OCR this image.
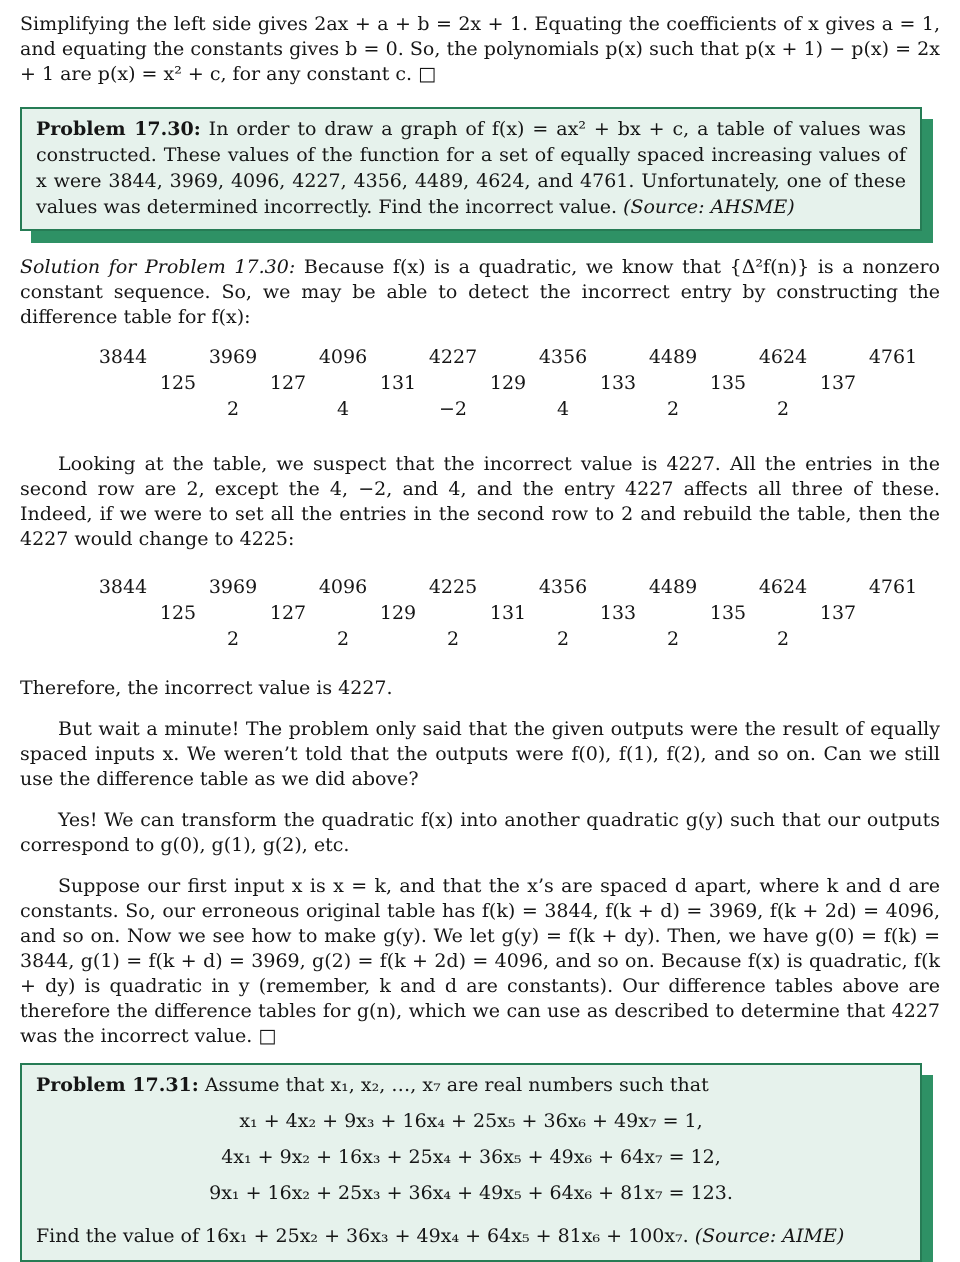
Simplifying the left side gives 2ax + a + b = 2x + 1. Equating the coefficients of x gives a = 1, and equating the constants gives b = 0. So, the polynomials p(x) such that p(x + 1) − p(x) = 2x + 1 are p(x) = x² + c, for any constant c. □

Problem 17.30: In order to draw a graph of f(x) = ax² + bx + c, a table of values was constructed. These values of the function for a set of equally spaced increasing values of x were 3844, 3969, 4096, 4227, 4356, 4489, 4624, and 4761. Unfortunately, one of these values was determined incorrectly. Find the incorrect value. (Source: AHSME)

Solution for Problem 17.30: Because f(x) is a quadratic, we know that {Δ²f(n)} is a nonzero constant sequence. So, we may be able to detect the incorrect entry by constructing the difference table for f(x):

3844	3969	4096	4227	4356	4489	4624	4761
125	127	131	129	133	135	137
2	4	−2	4	2	2

Looking at the table, we suspect that the incorrect value is 4227. All the entries in the second row are 2, except the 4, −2, and 4, and the entry 4227 affects all three of these. Indeed, if we were to set all the entries in the second row to 2 and rebuild the table, then the 4227 would change to 4225:

3844	3969	4096	4225	4356	4489	4624	4761
125	127	129	131	133	135	137
2	2	2	2	2	2

Therefore, the incorrect value is 4227.

But wait a minute! The problem only said that the given outputs were the result of equally spaced inputs x. We weren’t told that the outputs were f(0), f(1), f(2), and so on. Can we still use the difference table as we did above?

Yes! We can transform the quadratic f(x) into another quadratic g(y) such that our outputs correspond to g(0), g(1), g(2), etc.

Suppose our first input x is x = k, and that the x’s are spaced d apart, where k and d are constants. So, our erroneous original table has f(k) = 3844, f(k + d) = 3969, f(k + 2d) = 4096, and so on. Now we see how to make g(y). We let g(y) = f(k + dy). Then, we have g(0) = f(k) = 3844, g(1) = f(k + d) = 3969, g(2) = f(k + 2d) = 4096, and so on. Because f(x) is quadratic, f(k + dy) is quadratic in y (remember, k and d are constants). Our difference tables above are therefore the difference tables for g(n), which we can use as described to determine that 4227 was the incorrect value. □

Problem 17.31: Assume that x₁, x₂, …, x₇ are real numbers such that

x₁ + 4x₂ + 9x₃ + 16x₄ + 25x₅ + 36x₆ + 49x₇ = 1,

4x₁ + 9x₂ + 16x₃ + 25x₄ + 36x₅ + 49x₆ + 64x₇ = 12,

9x₁ + 16x₂ + 25x₃ + 36x₄ + 49x₅ + 64x₆ + 81x₇ = 123.

Find the value of 16x₁ + 25x₂ + 36x₃ + 49x₄ + 64x₅ + 81x₆ + 100x₇. (Source: AIME)
